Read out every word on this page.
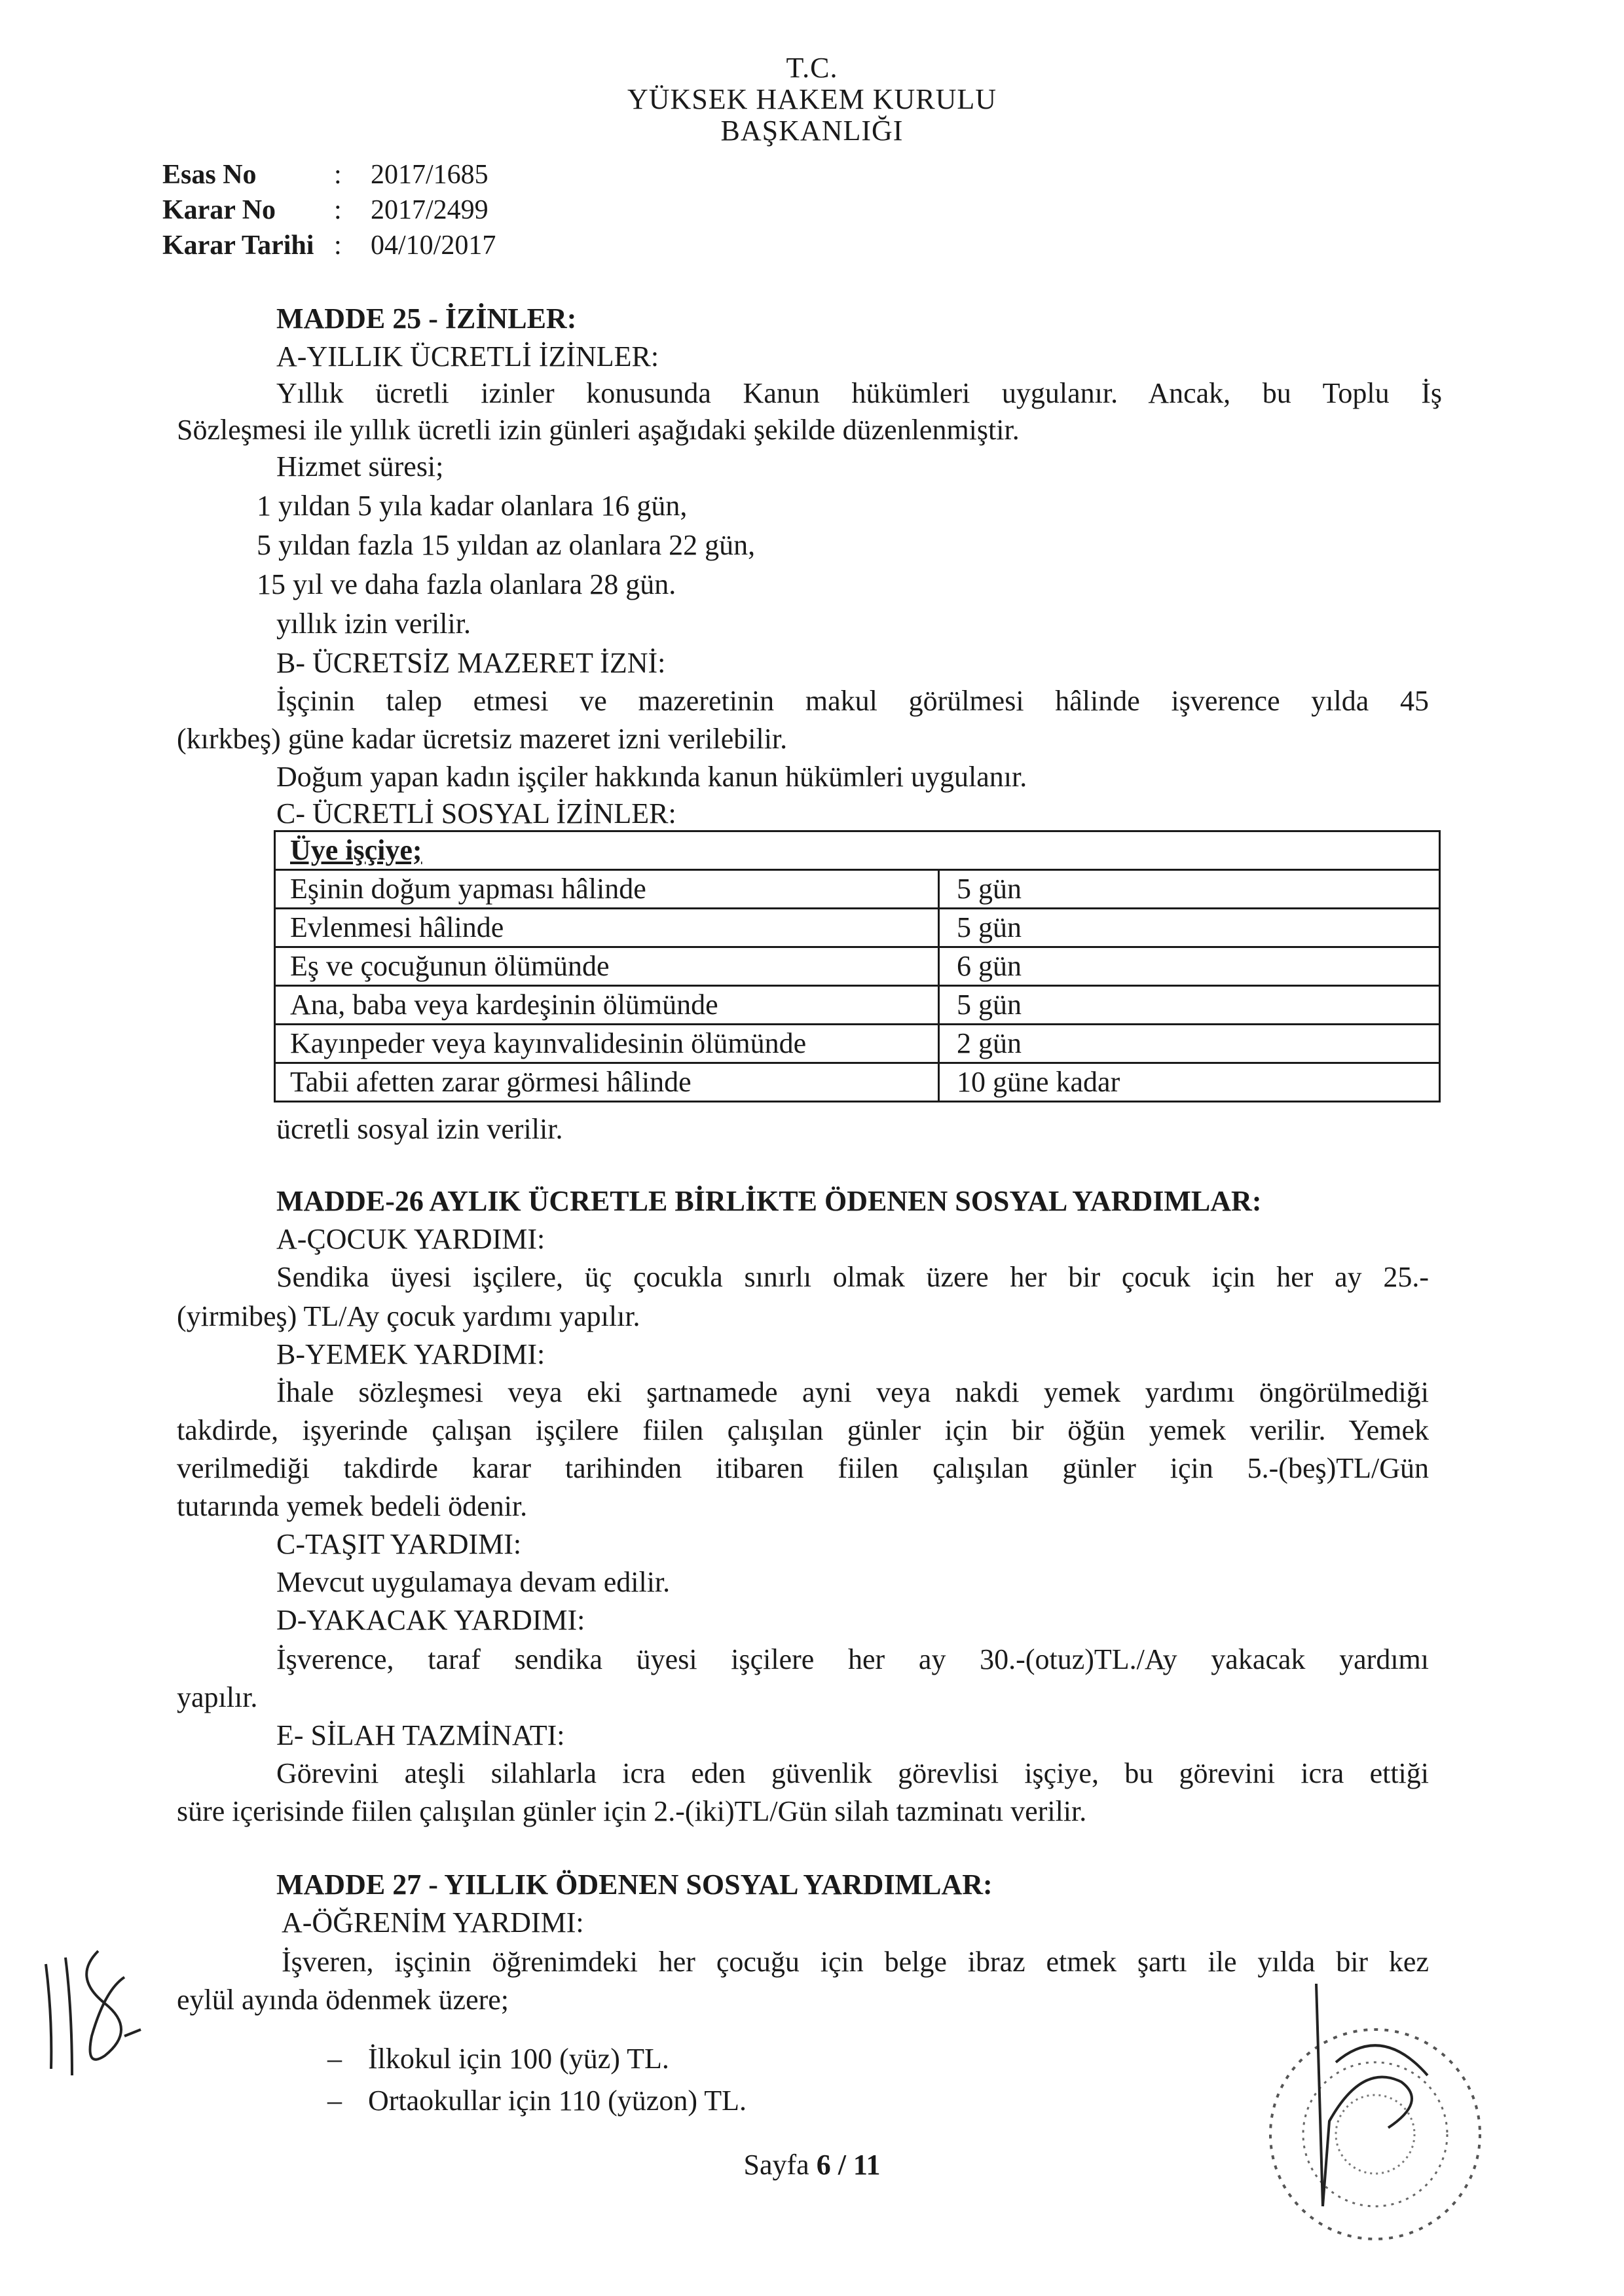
T.C.
YÜKSEK HAKEM KURULU
BAŞKANLIĞI
Esas No	: 2017/1685
Karar No : 2017/2499
Karar Tarihi : 04/10/2017
MADDE 25 - İZİNLER:
A-YILLIK ÜCRETLİ İZİNLER:
Yıllık ücretli izinler konusunda Kanun hükümleri uygulanır. Ancak, bu Toplu İş
Sözleşmesi ile yıllık ücretli izin günleri aşağıdaki şekilde düzenlenmiştir.
Hizmet süresi;
1 yıldan 5 yıla kadar olanlara 16 gün,
5 yıldan fazla 15 yıldan az olanlara 22 gün,
15 yıl ve daha fazla olanlara 28 gün.
yıllık izin verilir.
B- ÜCRETSİZ MAZERET İZNİ:
İşçinin talep etmesi ve mazeretinin makul görülmesi hâlinde işverence yılda 45
(kırkbeş) güne kadar ücretsiz mazeret izni verilebilir.
Doğum yapan kadın işçiler hakkında kanun hükümleri uygulanır.
C- ÜCRETLİ SOSYAL İZİNLER:
Üye işçiye;	
Eşinin doğum yapması hâlinde	5 gün
Evlenmesi hâlinde	5 gün
Eş ve çocuğunun ölümünde	6 gün
Ana, baba veya kardeşinin ölümünde	5 gün
Kayınpeder veya kayınvalidesinin ölümünde	2 gün
Tabii afetten zarar görmesi hâlinde	10 güne kadar
ücretli sosyal izin verilir.
MADDE-26 AYLIK ÜCRETLE BİRLİKTE ÖDENEN SOSYAL YARDIMLAR:
A-ÇOCUK YARDIMI:
Sendika üyesi işçilere, üç çocukla sınırlı olmak üzere her bir çocuk için her ay 25.-
(yirmibeş) TL/Ay çocuk yardımı yapılır.
B-YEMEK YARDIMI:
İhale sözleşmesi veya eki şartnamede ayni veya nakdi yemek yardımı öngörülmediği
takdirde, işyerinde çalışan işçilere fiilen çalışılan günler için bir öğün yemek verilir. Yemek
verilmediği takdirde karar tarihinden itibaren fiilen çalışılan günler için 5.-(beş)TL/Gün
tutarında yemek bedeli ödenir.
C-TAŞIT YARDIMI:
Mevcut uygulamaya devam edilir.
D-YAKACAK YARDIMI:
İşverence, taraf sendika üyesi işçilere her ay 30.-(otuz)TL./Ay yakacak yardımı
yapılır.
E- SİLAH TAZMİNATI:
Görevini ateşli silahlarla icra eden güvenlik görevlisi işçiye, bu görevini icra ettiği
süre içerisinde fiilen çalışılan günler için 2.-(iki)TL/Gün silah tazminatı verilir.
MADDE 27 - YILLIK ÖDENEN SOSYAL YARDIMLAR:
A-ÖĞRENİM YARDIMI:
İşveren, işçinin öğrenimdeki her çocuğu için belge ibraz etmek şartı ile yılda bir kez
eylül ayında ödenmek üzere;
– İlkokul için 100 (yüz) TL.
– Ortaokullar için 110 (yüzon) TL.
Sayfa 6 / 11
